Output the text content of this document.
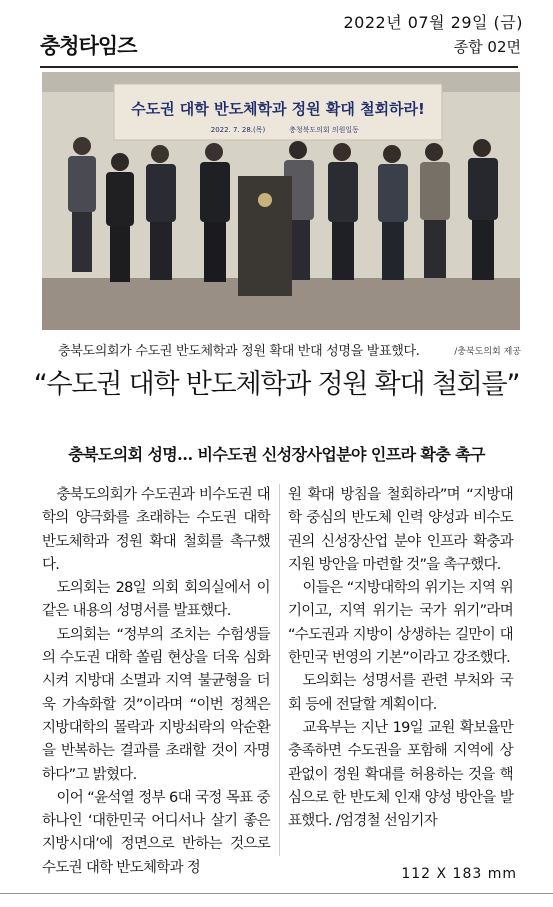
충청타임즈
2022년 07월 29일 (금)
종합 02면
수도권 대학 반도체학과 정원 확대 철회하라!
2022. 7. 28.(목)	충청북도의회 의원일동
충북도의회가 수도권 반도체학과 정원 확대 반대 성명을 발표했다.	/충북도의회 제공
“수도권 대학 반도체학과 정원 확대 철회를”
충북도의회 성명… 비수도권 신성장사업분야 인프라 확충 촉구

충북도의회가 수도권과 비수도권 대학의 양극화를 초래하는 수도권 대학 반도체학과 정원 확대 철회를 촉구했다.

도의회는 28일 의회 회의실에서 이같은 내용의 성명서를 발표했다.

도의회는 “정부의 조치는 수험생들의 수도권 대학 쏠림 현상을 더욱 심화시켜 지방대 소멸과 지역 불균형을 더욱 가속화할 것”이라며 “이번 정책은 지방대학의 몰락과 지방쇠락의 악순환을 반복하는 결과를 초래할 것이 자명하다”고 밝혔다.

이어 “윤석열 정부 6대 국정 목표 중 하나인 ‘대한민국 어디서나 살기 좋은 지방시대’에 정면으로 반하는 것으로 수도권 대학 반도체학과 정

원 확대 방침을 철회하라”며 “지방대학 중심의 반도체 인력 양성과 비수도권의 신성장산업 분야 인프라 확충과 지원 방안을 마련할 것”을 촉구했다.

이들은 “지방대학의 위기는 지역 위기이고, 지역 위기는 국가 위기”라며 “수도권과 지방이 상생하는 길만이 대한민국 번영의 기본”이라고 강조했다.

도의회는 성명서를 관련 부처와 국회 등에 전달할 계획이다.

교육부는 지난 19일 교원 확보율만 충족하면 수도권을 포함해 지역에 상관없이 정원 확대를 허용하는 것을 핵심으로 한 반도체 인재 양성 방안을 발표했다. /엄경철 선임기자

112 X 183 mm
